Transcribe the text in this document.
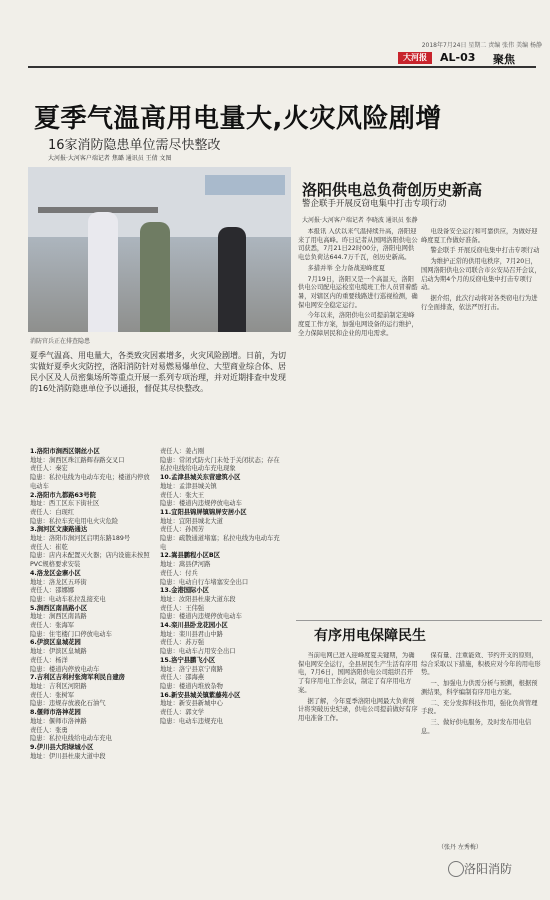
2018年7月24日 星期二 责编 张伟 美编 杨静
大河报	AL-03 聚焦
夏季气温高用电量大,火灾风险剧增
16家消防隐患单位需尽快整改
大河报·大河客户端记者 焦璐 通讯员 王倩 文图
消防官兵正在排查隐患
夏季气温高、用电量大，各类致灾因素增多，火灾风险剧增。日前，为切实做好夏季火灾防控，洛阳消防针对易燃易爆单位、大型商业综合体、居民小区及人员密集场所等重点开展一系列专项治理，并对近期排查中发现的16处消防隐患单位予以通报，督促其尽快整改。

1.洛阳市涧西区钢丝小区

地址：涧西区珠江路辉春路交叉口

责任人：秦宏

隐患：私拉电线为电动车充电；楼道内停放电动车

2.洛阳市九都路63号院

地址：西工区东下街社区

责任人：白现红

隐患：私拉车充电用电火灾危险

3.涧河区文康路通达

地址：洛阳市涧河区启明东路189号

责任人：崔乾

隐患：店内未配置灭火器；店内设施未按照PVC规格要求安装

4.洛龙区金寨小区

地址：洛龙区五环街

责任人：邵娜娜

隐患：电动车私拉乱接充电

5.涧西区南昌路小区

地址：涧西区南昌路

责任人：张海军

隐患：住宅楼门口停放电动车

6.伊滨区皇城花园

地址：伊滨区皇城路

责任人：杨洋

隐患：楼道内停放电动车

7.吉利区吉利村张湾军利民自建房

地址：吉利区河阳路

责任人：张树军

隐患：违规存放液化石油气

8.偃师市洛神花园

地址：偃师市洛神路

责任人：张勇

隐患：私拉电线给电动车充电

9.伊川县大阳绿城小区

地址：伊川县杜康大道中段

责任人：姜占刚

隐患：常闭式防火门未处于关闭状态；存在私拉电线给电动车充电现象

10.孟津县城关东营建筑小区

地址：孟津县城关镇

责任人：张大王

隐患：楼道内违规停放电动车

11.宜阳县锦屏镇锦屏安居小区

地址：宜阳县城北大道

责任人：孙国芳

隐患：疏散通道堵塞；私拉电线为电动车充电

12.嵩县鹏程小区B区

地址：嵩县伊河路

责任人：付兵

隐患：电动自行车堵塞安全出口

13.金港国际小区

地址：汝阳县杜康大道东段

责任人：王伟强

隐患：楼道内违规停放电动车

14.栾川县卧龙花园小区

地址：栾川县君山中路

责任人：苏万强

隐患：电动车占用安全出口

15.洛宁县鹏飞小区

地址：洛宁县京宁南路

责任人：邵海燕

隐患：楼道内堆放杂物

16.新安县城关镇紫藤苑小区

地址：新安县新城中心

责任人：郭文学

隐患：电动车违规充电

洛阳供电总负荷创历史新高
警企联手开展反窃电集中打击专项行动
大河报·大河客户端记者 李晓波 通讯员 张静

本报讯 入伏以来气温持续升高，洛阳迎来了用电高峰。昨日记者从国网洛阳供电公司获悉，7月21日22时00分，洛阳电网供电总负荷达644.7万千瓦，创历史新高。

多措并举 全力备战迎峰度夏

7月19日，洛阳又是一个高温天，洛阳供电公司配电运检室电缆班工作人员冒着酷暑，对辖区内的重要线路进行巡视检测，确保电网安全稳定运行。

今年以来，洛阳供电公司提前制定迎峰度夏工作方案，加强电网设备的运行维护，全力保障居民和企业的用电需求。

电设备安全运行和可靠供应，为做好迎峰度夏工作做好准备。

警企联手 开展反窃电集中打击专项行动

为维护正常的供用电秩序，7月20日，国网洛阳供电公司联合市公安局召开会议，启动为期4个月的反窃电集中打击专项行动。

据介绍，此次行动将对各类窃电行为进行全面排查，依法严厉打击。

有序用电保障民生

当前电网已进入迎峰度夏关键期，为确保电网安全运行，全县居民生产生活有序用电，7月6日，国网洛阳供电公司组织召开了有序用电工作会议，制定了有序用电方案。

据了解，今年夏季洛阳电网最大负荷预计将突破历史纪录，供电公司提前做好有序用电准备工作。

保有量、注重能效、节约开支的原则，综合采取以下措施，积极应对今年的用电形势。

一、加强电力供需分析与预测，根据预测结果，科学编制有序用电方案。

二、充分发挥科技作用，强化负荷管理手段。

三、做好供电服务，及时发布用电信息。

（张丹 左秀梅）
洛阳消防
